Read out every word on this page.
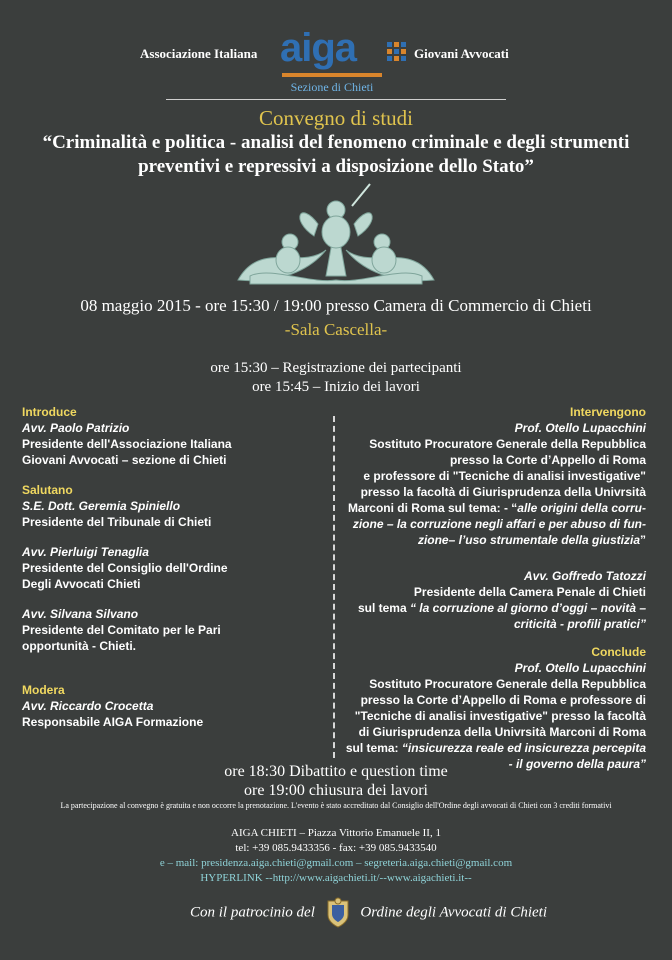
Associazione Italiana aiga	Giovani Avvocati
Sezione di Chieti
Convegno di studi
“Criminalità e politica - analisi del fenomeno criminale e degli strumenti
preventivi e repressivi a disposizione dello Stato”
08 maggio 2015 - ore 15:30 / 19:00 presso Camera di Commercio di Chieti
-Sala Cascella-
ore 15:30 – Registrazione dei partecipanti
ore 15:45 – Inizio dei lavori
Introduce
Avv. Paolo Patrizio
Presidente dell'Associazione Italiana
Giovani Avvocati – sezione di Chieti
Salutano
S.E. Dott. Geremia Spiniello
Presidente del Tribunale di Chieti
Avv. Pierluigi Tenaglia
Presidente del Consiglio dell'Ordine
Degli Avvocati Chieti
Avv. Silvana Silvano
Presidente del Comitato per le Pari
opportunità - Chieti.
Modera
Avv. Riccardo Crocetta
Responsabile AIGA Formazione
Intervengono
Prof. Otello Lupacchini
Sostituto Procuratore Generale della Repubblica
presso la Corte d’Appello di Roma
e professore di "Tecniche di analisi investigative"
presso la facoltà di Giurisprudenza della Univrsità
Marconi di Roma sul tema: - “alle origini della corru-
zione – la corruzione negli affari e per abuso di fun-
zione– l’uso strumentale della giustizia”
Avv. Goffredo Tatozzi
Presidente della Camera Penale di Chieti
sul tema “ la corruzione al giorno d’oggi – novità –
criticità - profili pratici”
Conclude
Prof. Otello Lupacchini
Sostituto Procuratore Generale della Repubblica
presso la Corte d’Appello di Roma e professore di
"Tecniche di analisi investigative" presso la facoltà
di Giurisprudenza della Univrsità Marconi di Roma
sul tema: “insicurezza reale ed insicurezza percepita
- il governo della paura”
ore 18:30 Dibattito e question time
ore 19:00 chiusura dei lavori
La partecipazione al convegno è gratuita e non occorre la prenotazione. L'evento è stato accreditato dal Consiglio dell'Ordine degli avvocati di Chieti con 3 crediti formativi
AIGA CHIETI – Piazza Vittorio Emanuele II, 1
tel: +39 085.9433356 - fax: +39 085.9433540
e – mail: presidenza.aiga.chieti@gmail.com – segreteria.aiga.chieti@gmail.com
HYPERLINK --http://www.aigachieti.it/--www.aigachieti.it--
Con il patrocinio del	Ordine degli Avvocati di Chieti
